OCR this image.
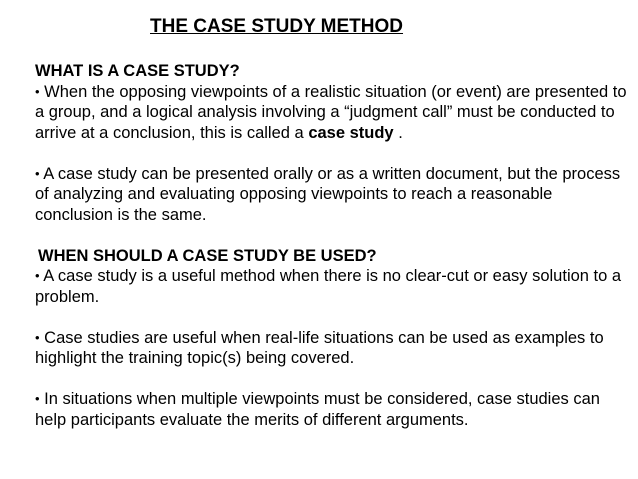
THE CASE STUDY METHOD

WHAT IS A CASE STUDY?

• When the opposing viewpoints of a realistic situation (or event) are presented to a group, and a logical analysis involving a “judgment call” must be conducted to arrive at a conclusion, this is called a case study .

• A case study can be presented orally or as a written document, but the process of analyzing and evaluating opposing viewpoints to reach a reasonable conclusion is the same.

WHEN SHOULD A CASE STUDY BE USED?

• A case study is a useful method when there is no clear-cut or easy solution to a problem.

• Case studies are useful when real-life situations can be used as examples to highlight the training topic(s) being covered.

• In situations when multiple viewpoints must be considered, case studies can help participants evaluate the merits of different arguments.
